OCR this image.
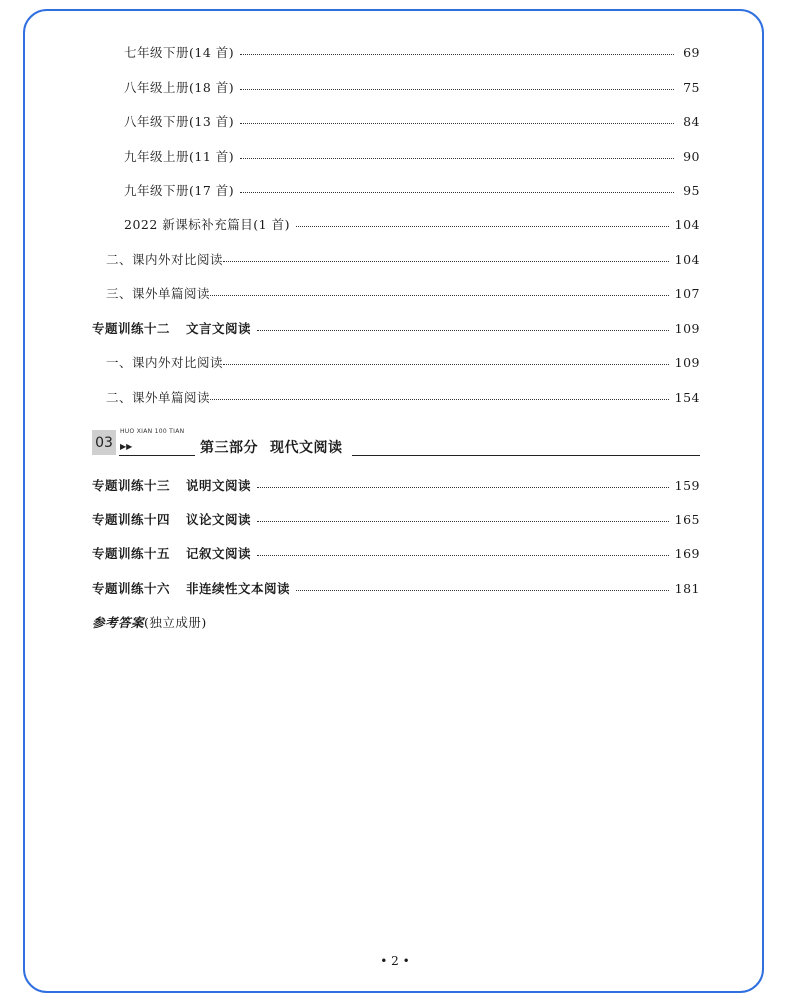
七年级下册(14 首)	69
八年级上册(18 首)	75
八年级下册(13 首)	84
九年级上册(11 首)	90
九年级下册(17 首)	95
2022 新课标补充篇目(1 首)	104
二、课内外对比阅读	104
三、课外单篇阅读	107
专题训练十二 文言文阅读	109
一、课内外对比阅读	109
二、课外单篇阅读	154
03
HUO XIAN 100 TIAN
▶▶	第三部分 现代文阅读
专题训练十三 说明文阅读	159
专题训练十四 议论文阅读	165
专题训练十五 记叙文阅读	169
专题训练十六 非连续性文本阅读	181
参考答案(独立成册)
• 2 •
